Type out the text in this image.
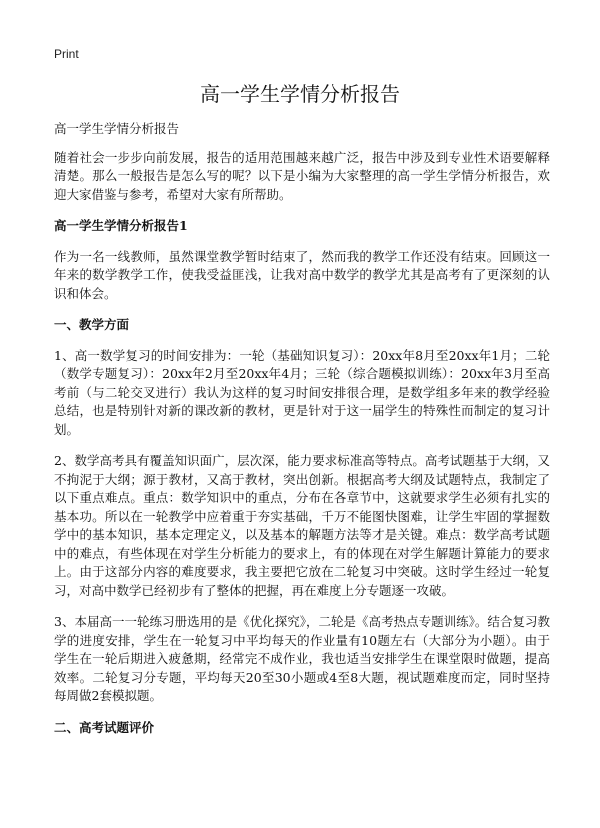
Print
高一学生学情分析报告

高一学生学情分析报告

随着社会一步步向前发展，报告的适用范围越来越广泛，报告中涉及到专业性术语要解释清楚。那么一般报告是怎么写的呢？以下是小编为大家整理的高一学生学情分析报告，欢迎大家借鉴与参考，希望对大家有所帮助。

高一学生学情分析报告1

作为一名一线教师，虽然课堂教学暂时结束了，然而我的教学工作还没有结束。回顾这一年来的数学教学工作，使我受益匪浅，让我对高中数学的教学尤其是高考有了更深刻的认识和体会。

一、教学方面

1、高一数学复习的时间安排为：一轮（基础知识复习）：20xx年8月至20xx年1月；二轮（数学专题复习）：20xx年2月至20xx年4月；三轮（综合题模拟训练）：20xx年3月至高考前（与二轮交叉进行）我认为这样的复习时间安排很合理，是数学组多年来的教学经验总结，也是特别针对新的课改新的教材，更是针对于这一届学生的特殊性而制定的复习计划。

2、数学高考具有覆盖知识面广，层次深，能力要求标准高等特点。高考试题基于大纲，又不拘泥于大纲；源于教材，又高于教材，突出创新。根据高考大纲及试题特点，我制定了以下重点难点。重点：数学知识中的重点，分布在各章节中，这就要求学生必须有扎实的基本功。所以在一轮教学中应着重于夯实基础，千万不能图快图难，让学生牢固的掌握数学中的基本知识，基本定理定义，以及基本的解题方法等才是关键。难点：数学高考试题中的难点，有些体现在对学生分析能力的要求上，有的体现在对学生解题计算能力的要求上。由于这部分内容的难度要求，我主要把它放在二轮复习中突破。这时学生经过一轮复习，对高中数学已经初步有了整体的把握，再在难度上分专题逐一攻破。

3、本届高一一轮练习册选用的是《优化探究》，二轮是《高考热点专题训练》。结合复习教学的进度安排，学生在一轮复习中平均每天的作业量有10题左右（大部分为小题）。由于学生在一轮后期进入疲惫期，经常完不成作业，我也适当安排学生在课堂限时做题，提高效率。二轮复习分专题，平均每天20至30小题或4至8大题，视试题难度而定，同时坚持每周做2套模拟题。

二、高考试题评价
